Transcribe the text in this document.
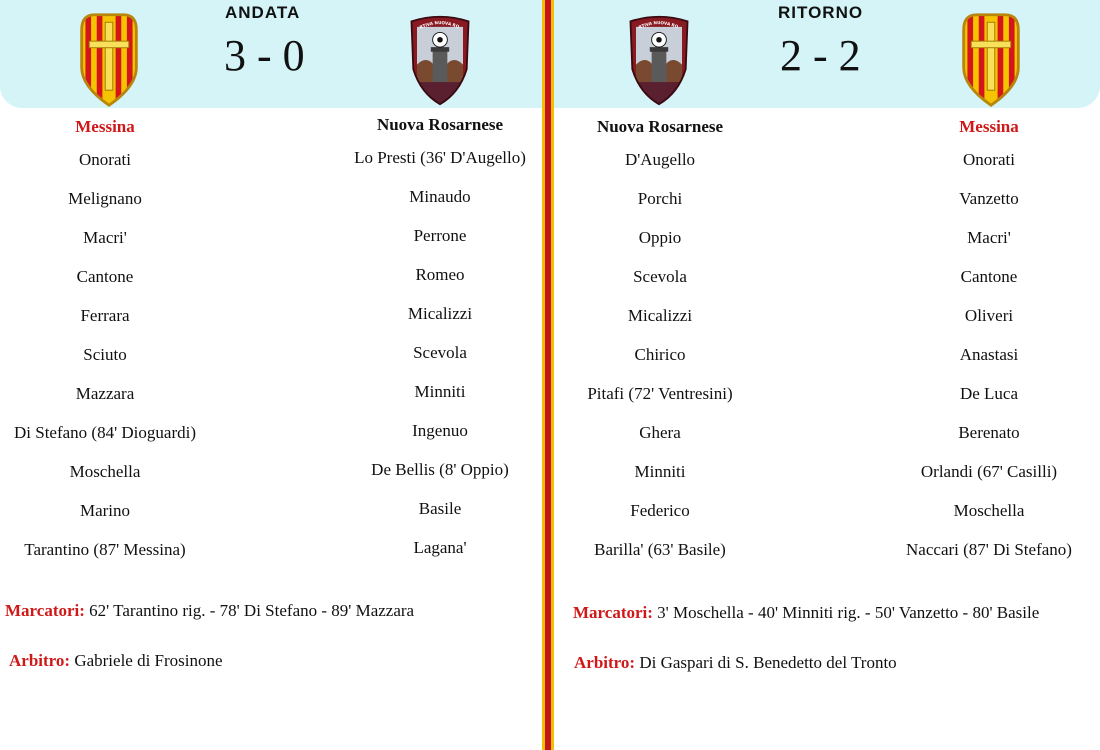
ANDATA
3 - 0
RTIVA NUOVA RO
Messina
Onorati
Melignano
Macri'
Cantone
Ferrara
Sciuto
Mazzara
Di Stefano (84' Dioguardi)
Moschella
Marino
Tarantino (87' Messina)
Nuova Rosarnese
Lo Presti (36' D'Augello)
Minaudo
Perrone
Romeo
Micalizzi
Scevola
Minniti
Ingenuo
De Bellis (8' Oppio)
Basile
Lagana'
Marcatori: 62' Tarantino rig. - 78' Di Stefano - 89' Mazzara
Arbitro: Gabriele di Frosinone
RTIVA NUOVA RO
RITORNO
2 - 2
Nuova Rosarnese
D'Augello
Porchi
Oppio
Scevola
Micalizzi
Chirico
Pitafi (72' Ventresini)
Ghera
Minniti
Federico
Barilla' (63' Basile)
Messina
Onorati
Vanzetto
Macri'
Cantone
Oliveri
Anastasi
De Luca
Berenato
Orlandi (67' Casilli)
Moschella
Naccari (87' Di Stefano)
Marcatori: 3' Moschella - 40' Minniti rig. - 50' Vanzetto - 80' Basile
Arbitro: Di Gaspari di S. Benedetto del Tronto
